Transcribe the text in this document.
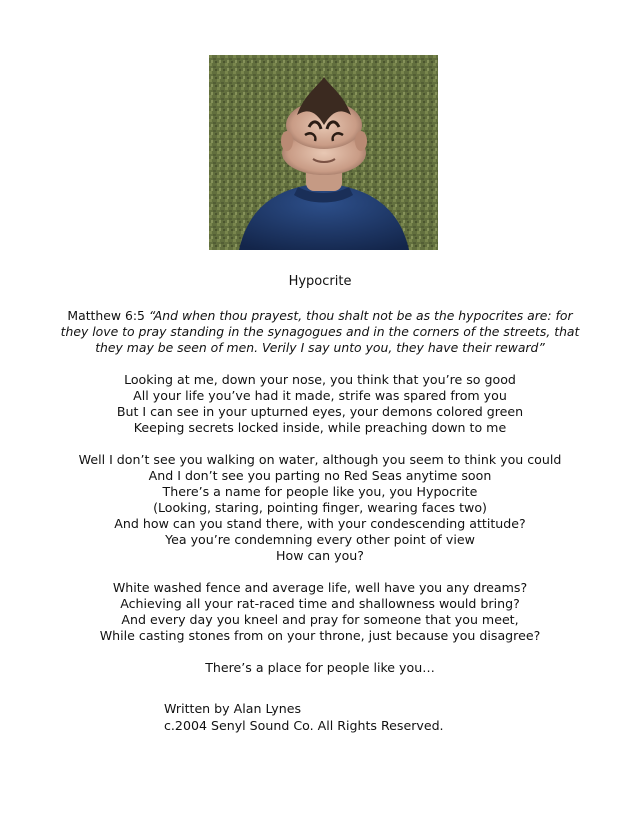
Hypocrite
Matthew 6:5 “And when thou prayest, thou shalt not be as the hypocrites are: for they love to pray standing in the synagogues and in the corners of the streets, that they may be seen of men. Verily I say unto you, they have their reward”
Looking at me, down your nose, you think that you’re so good
All your life you’ve had it made, strife was spared from you
But I can see in your upturned eyes, your demons colored green
Keeping secrets locked inside, while preaching down to me
Well I don’t see you walking on water, although you seem to think you could
And I don’t see you parting no Red Seas anytime soon
There’s a name for people like you, you Hypocrite
(Looking, staring, pointing finger, wearing faces two)
And how can you stand there, with your condescending attitude?
Yea you’re condemning every other point of view
How can you?
White washed fence and average life, well have you any dreams?
Achieving all your rat-raced time and shallowness would bring?
And every day you kneel and pray for someone that you meet,
While casting stones from on your throne, just because you disagree?
There’s a place for people like you…
Written by Alan Lynes
c.2004 Senyl Sound Co. All Rights Reserved.
